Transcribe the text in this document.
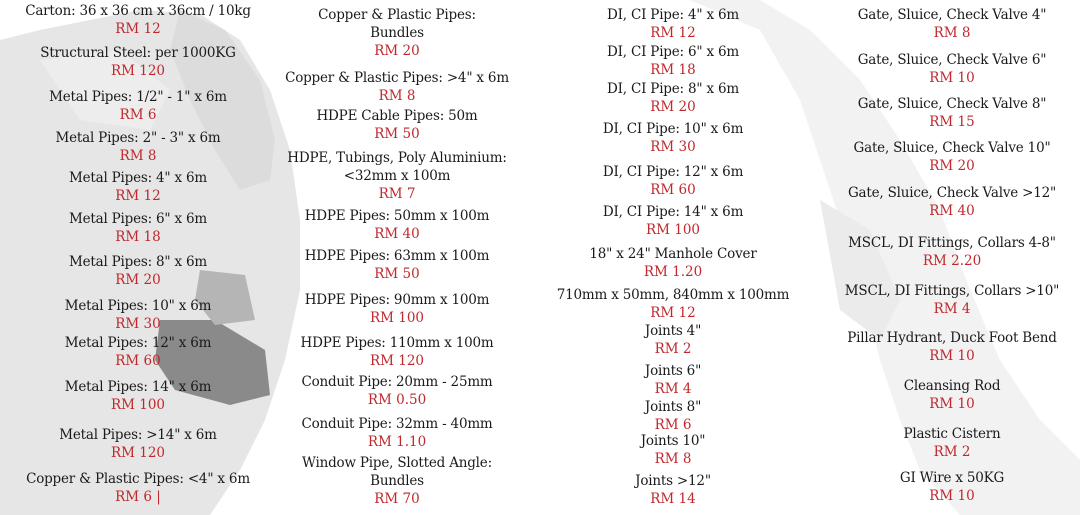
Carton: 36 x 36 cm x 36cm / 10kg
RM 12
Structural Steel: per 1000KG
RM 120
Metal Pipes: 1/2" - 1" x 6m
RM 6
Metal Pipes: 2" - 3" x 6m
RM 8
Metal Pipes: 4" x 6m
RM 12
Metal Pipes: 6" x 6m
RM 18
Metal Pipes: 8" x 6m
RM 20
Metal Pipes: 10" x 6m
RM 30
Metal Pipes: 12" x 6m
RM 60
Metal Pipes: 14" x 6m
RM 100
Metal Pipes: >14" x 6m
RM 120
Copper & Plastic Pipes: <4" x 6m
RM 6 |
Copper & Plastic Pipes:
Bundles
RM 20
Copper & Plastic Pipes: >4" x 6m
RM 8
HDPE Cable Pipes: 50m
RM 50
HDPE, Tubings, Poly Aluminium:
<32mm x 100m
RM 7
HDPE Pipes: 50mm x 100m
RM 40
HDPE Pipes: 63mm x 100m
RM 50
HDPE Pipes: 90mm x 100m
RM 100
HDPE Pipes: 110mm x 100m
RM 120
Conduit Pipe: 20mm - 25mm
RM 0.50
Conduit Pipe: 32mm - 40mm
RM 1.10
Window Pipe, Slotted Angle:
Bundles
RM 70
DI, CI Pipe: 4" x 6m
RM 12
DI, CI Pipe: 6" x 6m
RM 18
DI, CI Pipe: 8" x 6m
RM 20
DI, CI Pipe: 10" x 6m
RM 30
DI, CI Pipe: 12" x 6m
RM 60
DI, CI Pipe: 14" x 6m
RM 100
18" x 24" Manhole Cover
RM 1.20
710mm x 50mm, 840mm x 100mm
RM 12
Joints 4"
RM 2
Joints 6"
RM 4
Joints 8"
RM 6
Joints 10"
RM 8
Joints >12"
RM 14
Gate, Sluice, Check Valve 4"
RM 8
Gate, Sluice, Check Valve 6"
RM 10
Gate, Sluice, Check Valve 8"
RM 15
Gate, Sluice, Check Valve 10"
RM 20
Gate, Sluice, Check Valve >12"
RM 40
MSCL, DI Fittings, Collars 4-8"
RM 2.20
MSCL, DI Fittings, Collars >10"
RM 4
Pillar Hydrant, Duck Foot Bend
RM 10
Cleansing Rod
RM 10
Plastic Cistern
RM 2
GI Wire x 50KG
RM 10
